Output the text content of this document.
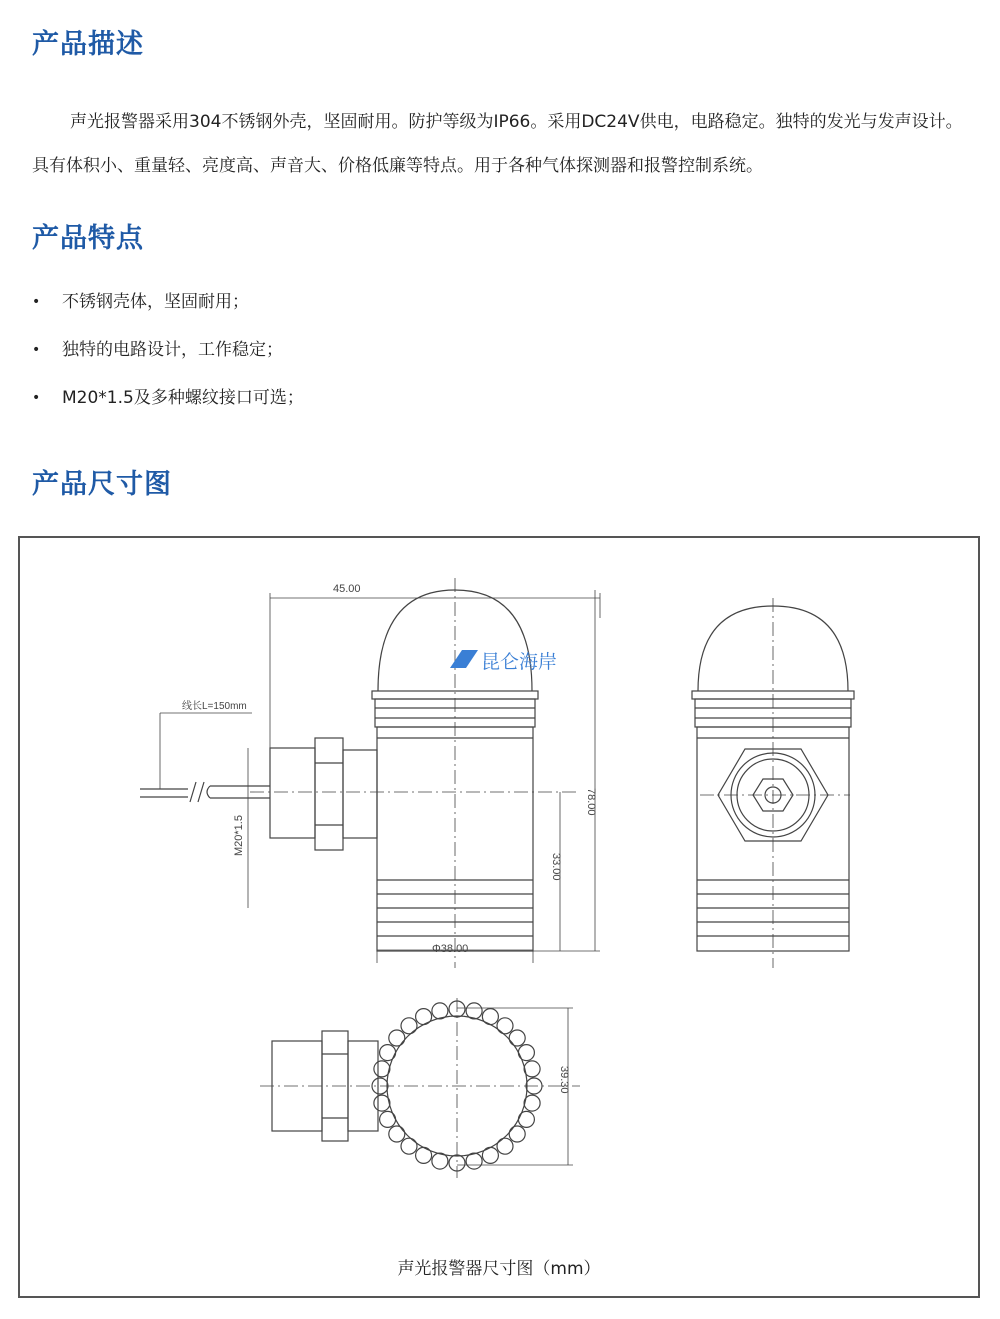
产品描述

声光报警器采用304不锈钢外壳，坚固耐用。防护等级为IP66。采用DC24V供电，电路稳定。独特的发光与发声设计。具有体积小、重量轻、亮度高、声音大、价格低廉等特点。用于各种气体探测器和报警控制系统。

产品特点
•	不锈钢壳体，坚固耐用；
•	独特的电路设计，工作稳定；
•	M20*1.5及多种螺纹接口可选；
产品尺寸图
45.00
线长L=150mm
78.00
33.00
Φ38.00
M20*1.5
昆仑海岸
39.30
声光报警器尺寸图（mm）
